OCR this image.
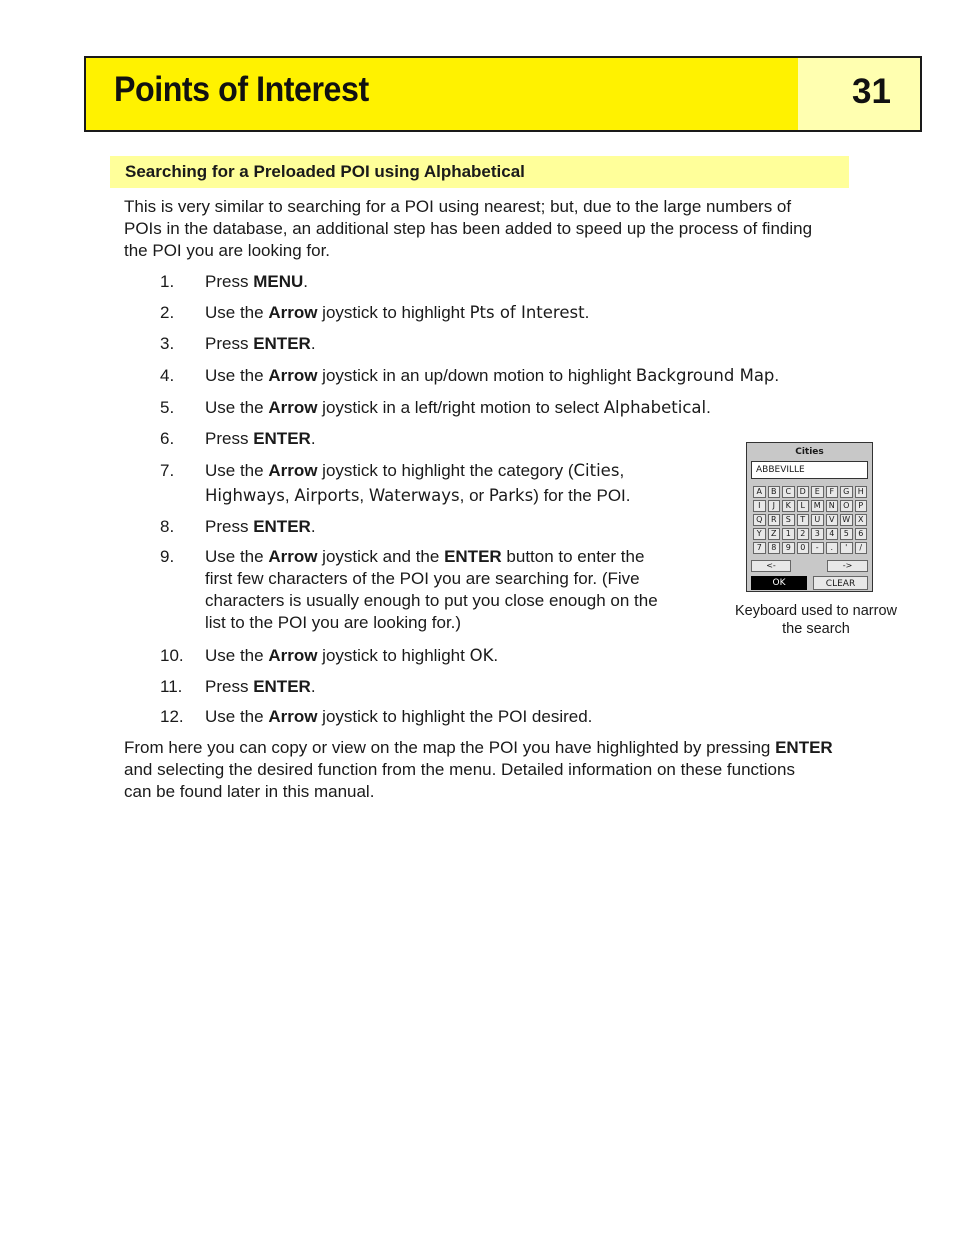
Points of Interest	31
Searching for a Preloaded POI using Alphabetical
This is very similar to searching for a POI using nearest; but, due to the large numbers of
POIs in the database, an additional step has been added to speed up the process of finding
the POI you are looking for.
1.	Press MENU.
2.	Use the Arrow joystick to highlight Pts of Interest.
3.	Press ENTER.
4.	Use the Arrow joystick in an up/down motion to highlight Background Map.
5.	Use the Arrow joystick in a left/right motion to select Alphabetical.
6.	Press ENTER.
7.	Use the Arrow joystick to highlight the category (Cities,
Highways, Airports, Waterways, or Parks) for the POI.
8.	Press ENTER.
9.	Use the Arrow joystick and the ENTER button to enter the
first few characters of the POI you are searching for. (Five
characters is usually enough to put you close enough on the
list to the POI you are looking for.)
10.	Use the Arrow joystick to highlight OK.
11.	Press ENTER.
12.	Use the Arrow joystick to highlight the POI desired.
From here you can copy or view on the map the POI you have highlighted by pressing ENTER
and selecting the desired function from the menu. Detailed information on these functions
can be found later in this manual.
Cities
ABBEVILLE
A	B	C	D	E	F	G	H
I	J	K	L	M	N	O	P
Q	R	S	T	U	V W X
Y	Z	1	2	3	4	5	6
7	8	9	0	-	.	'	/
<-	->
OK	CLEAR
Keyboard used to narrow
the search
